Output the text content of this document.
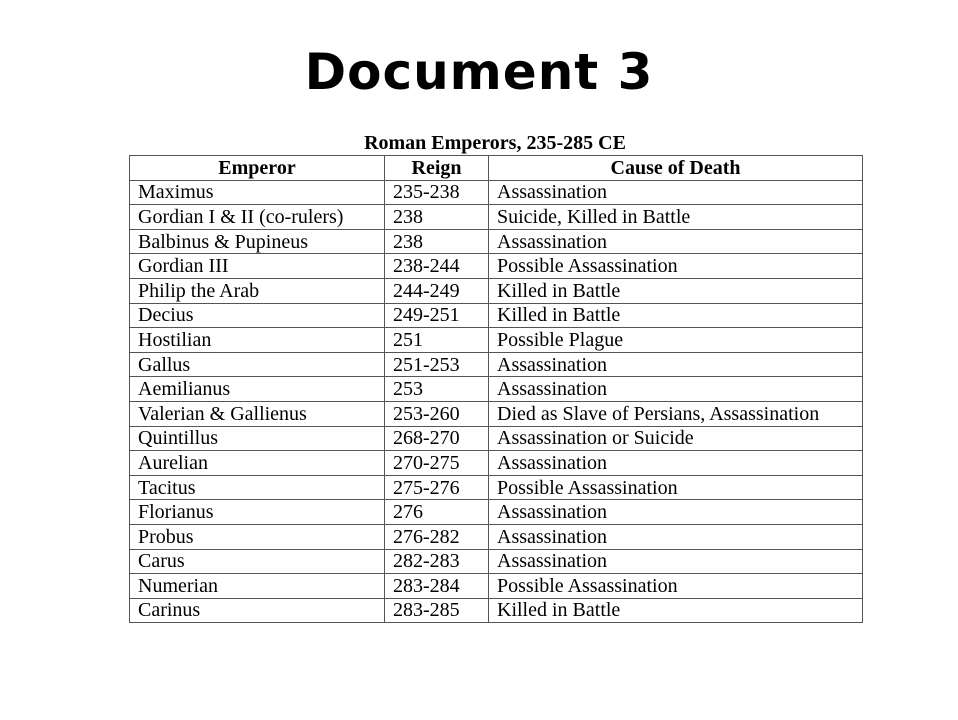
Document 3
Roman Emperors, 235-285 CE
Emperor	Reign	Cause of Death
Maximus	235-238	Assassination
Gordian I & II (co-rulers)	238	Suicide, Killed in Battle
Balbinus & Pupineus	238	Assassination
Gordian III	238-244	Possible Assassination
Philip the Arab	244-249	Killed in Battle
Decius	249-251	Killed in Battle
Hostilian	251	Possible Plague
Gallus	251-253	Assassination
Aemilianus	253	Assassination
Valerian & Gallienus	253-260	Died as Slave of Persians, Assassination
Quintillus	268-270	Assassination or Suicide
Aurelian	270-275	Assassination
Tacitus	275-276	Possible Assassination
Florianus	276	Assassination
Probus	276-282	Assassination
Carus	282-283	Assassination
Numerian	283-284	Possible Assassination
Carinus	283-285	Killed in Battle
